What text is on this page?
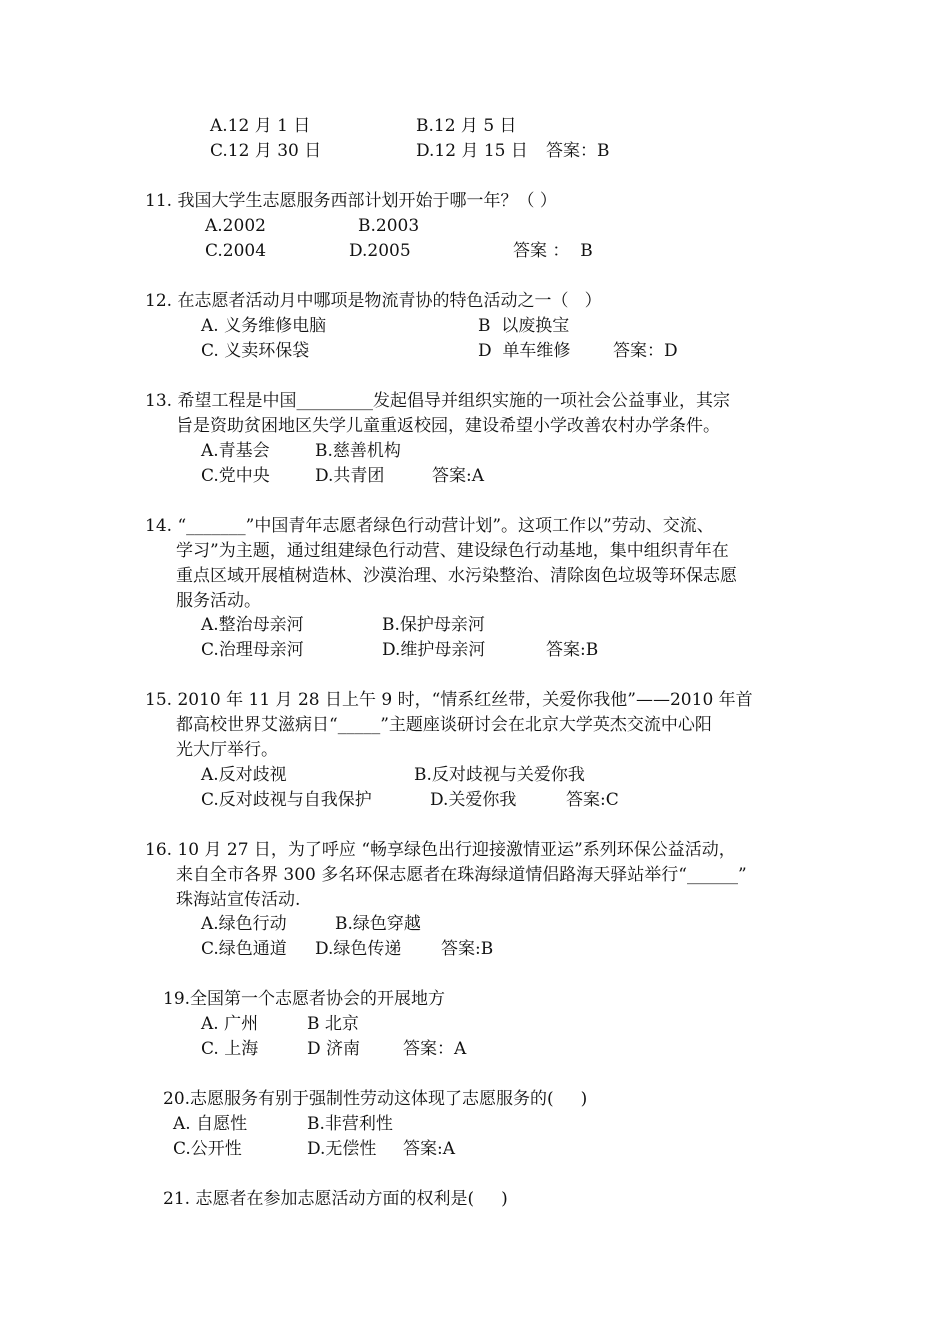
A.12 月 1 日	B.12 月 5 日

C.12 月 30 日	D.12 月 15 日 答案：B

11. 我国大学生志愿服务西部计划开始于哪一年？（ ）

A.2002	B.2003

C.2004	D.2005	答案 ：  B

12. 在志愿者活动月中哪项是物流青协的特色活动之一（   ）

A. 义务维修电脑	B  以废换宝

C. 义卖环保袋	D  单车维修	答案：D

13. 希望工程是中国_________发起倡导并组织实施的一项社会公益事业，其宗

旨是资助贫困地区失学儿童重返校园，建设希望小学改善农村办学条件。

A.青基会	B.慈善机构

C.党中央	D.共青团	答案:A

14. “_______”中国青年志愿者绿色行动营计划”。这项工作以”劳动、交流、

学习”为主题，通过组建绿色行动营、建设绿色行动基地，集中组织青年在

重点区域开展植树造林、沙漠治理、水污染整治、清除囱色垃圾等环保志愿

服务活动。

A.整治母亲河	B.保护母亲河

C.治理母亲河	D.维护母亲河	答案:B

15. 2010 年 11 月 28 日上午 9 时，“情系红丝带，关爱你我他”——2010 年首

都高校世界艾滋病日“_____”主题座谈研讨会在北京大学英杰交流中心阳

光大厅举行。

A.反对歧视	B.反对歧视与关爱你我

C.反对歧视与自我保护	D.关爱你我	答案:C

16. 10 月 27 日，为了呼应 “畅享绿色出行迎接激情亚运”系列环保公益活动，

来自全市各界 300 多名环保志愿者在珠海绿道情侣路海天驿站举行“______”

珠海站宣传活动.

A.绿色行动	B.绿色穿越

C.绿色通道 D.绿色传递 答案:B

19.全国第一个志愿者协会的开展地方

A. 广州	B 北京

C. 上海	D 济南	答案：A

20.志愿服务有别于强制性劳动这体现了志愿服务的(     )

A. 自愿性	B.非营利性

C.公开性	D.无偿性 答案:A

21. 志愿者在参加志愿活动方面的权利是(     )
